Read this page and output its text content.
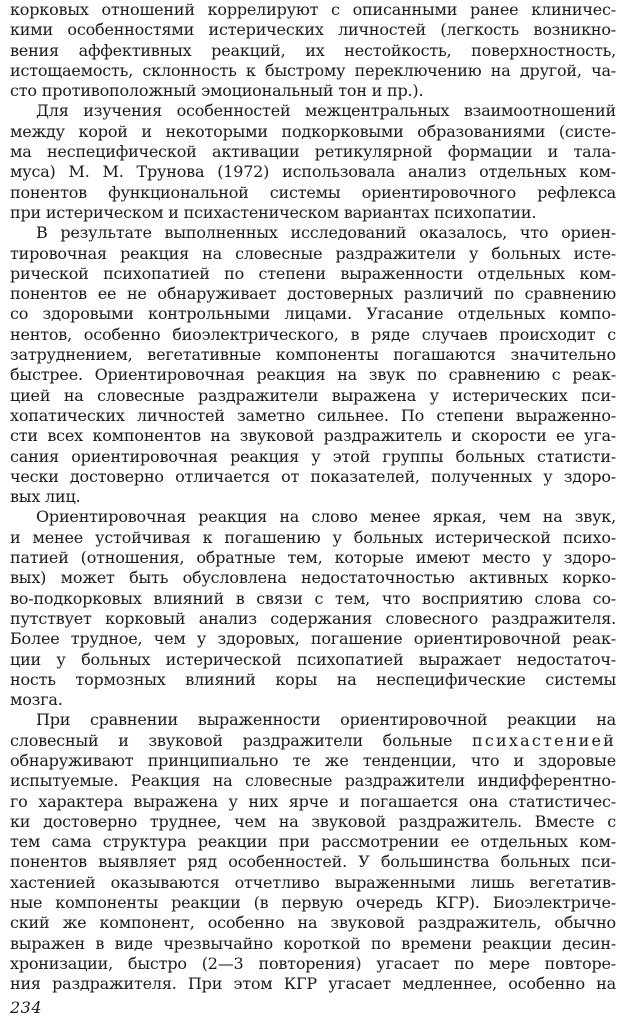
корковых отношений коррелируют с описанными ранее клиничес-
кими особенностями истерических личностей (легкость возникно-
вения аффективных реакций, их нестойкость, поверхностность,
истощаемость, склонность к быстрому переключению на другой, ча-
сто противоположный эмоциональный тон и пр.).
Для изучения особенностей межцентральных взаимоотношений
между корой и некоторыми подкорковыми образованиями (систе-
ма неспецифической активации ретикулярной формации и тала-
муса) М. М. Трунова (1972) использовала анализ отдельных ком-
понентов функциональной системы ориентировочного рефлекса
при истерическом и психастеническом вариантах психопатии.
В результате выполненных исследований оказалось, что ориен-
тировочная реакция на словесные раздражители у больных исте-
рической психопатией по степени выраженности отдельных ком-
понентов ее не обнаруживает достоверных различий по сравнению
со здоровыми контрольными лицами. Угасание отдельных компо-
нентов, особенно биоэлектрического, в ряде случаев происходит с
затруднением, вегетативные компоненты погашаются значительно
быстрее. Ориентировочная реакция на звук по сравнению с реак-
цией на словесные раздражители выражена у истерических пси-
хопатических личностей заметно сильнее. По степени выраженно-
сти всех компонентов на звуковой раздражитель и скорости ее уга-
сания ориентировочная реакция у этой группы больных статисти-
чески достоверно отличается от показателей, полученных у здоро-
вых лиц.
Ориентировочная реакция на слово менее яркая, чем на звук,
и менее устойчивая к погашению у больных истерической психо-
патией (отношения, обратные тем, которые имеют место у здоро-
вых) может быть обусловлена недостаточностью активных корко-
во-подкорковых влияний в связи с тем, что восприятию слова со-
путствует корковый анализ содержания словесного раздражителя.
Более трудное, чем у здоровых, погашение ориентировочной реак-
ции у больных истерической психопатией выражает недостаточ-
ность тормозных влияний коры на неспецифические системы
мозга.
При сравнении выраженности ориентировочной реакции на
словесный и звуковой раздражители больные психастенией
обнаруживают принципиально те же тенденции, что и здоровые
испытуемые. Реакция на словесные раздражители индифферентно-
го характера выражена у них ярче и погашается она статистичес-
ки достоверно труднее, чем на звуковой раздражитель. Вместе с
тем сама структура реакции при рассмотрении ее отдельных ком-
понентов выявляет ряд особенностей. У большинства больных пси-
хастенией оказываются отчетливо выраженными лишь вегетатив-
ные компоненты реакции (в первую очередь КГР). Биоэлектриче-
ский же компонент, особенно на звуковой раздражитель, обычно
выражен в виде чрезвычайно короткой по времени реакции десин-
хронизации, быстро (2—3 повторения) угасает по мере повторе-
ния раздражителя. При этом КГР угасает медленнее, особенно на
234
